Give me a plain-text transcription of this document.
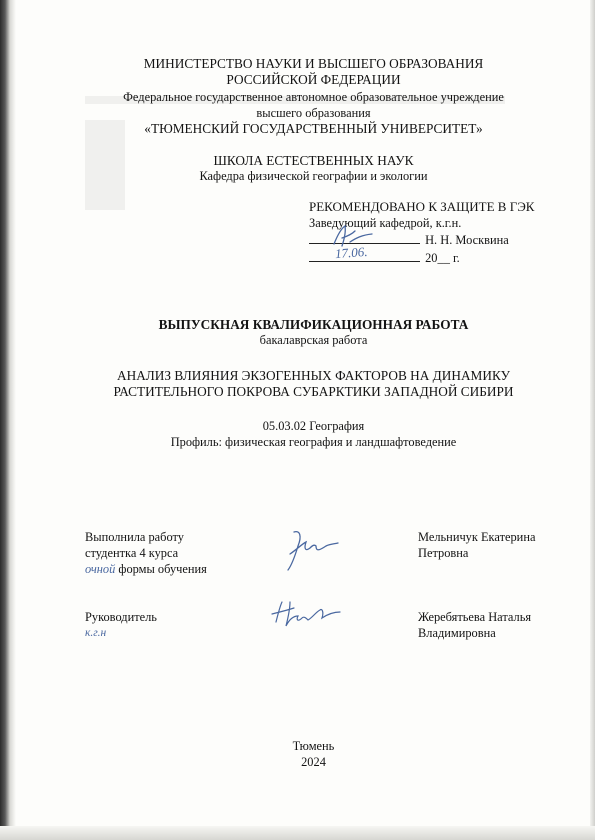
МИНИСТЕРСТВО НАУКИ И ВЫСШЕГО ОБРАЗОВАНИЯ
РОССИЙСКОЙ ФЕДЕРАЦИИ
Федеральное государственное автономное образовательное учреждение
высшего образования
«ТЮМЕНСКИЙ ГОСУДАРСТВЕННЫЙ УНИВЕРСИТЕТ»
ШКОЛА ЕСТЕСТВЕННЫХ НАУК
Кафедра физической географии и экологии
РЕКОМЕНДОВАНО К ЗАЩИТЕ В ГЭК
Заведующий кафедрой, к.г.н.
Н. Н. Москвина
20__ г.
17.06.
ВЫПУСКНАЯ КВАЛИФИКАЦИОННАЯ РАБОТА
бакалаврская работа
АНАЛИЗ ВЛИЯНИЯ ЭКЗОГЕННЫХ ФАКТОРОВ НА ДИНАМИКУ
РАСТИТЕЛЬНОГО ПОКРОВА СУБАРКТИКИ ЗАПАДНОЙ СИБИРИ
05.03.02 География
Профиль: физическая география и ландшафтоведение
Выполнила работу
студентка 4 курса
очной формы обучения
Мельничук Екатерина
Петровна
Руководитель
к.г.н
Жеребятьева Наталья
Владимировна
Тюмень
2024
